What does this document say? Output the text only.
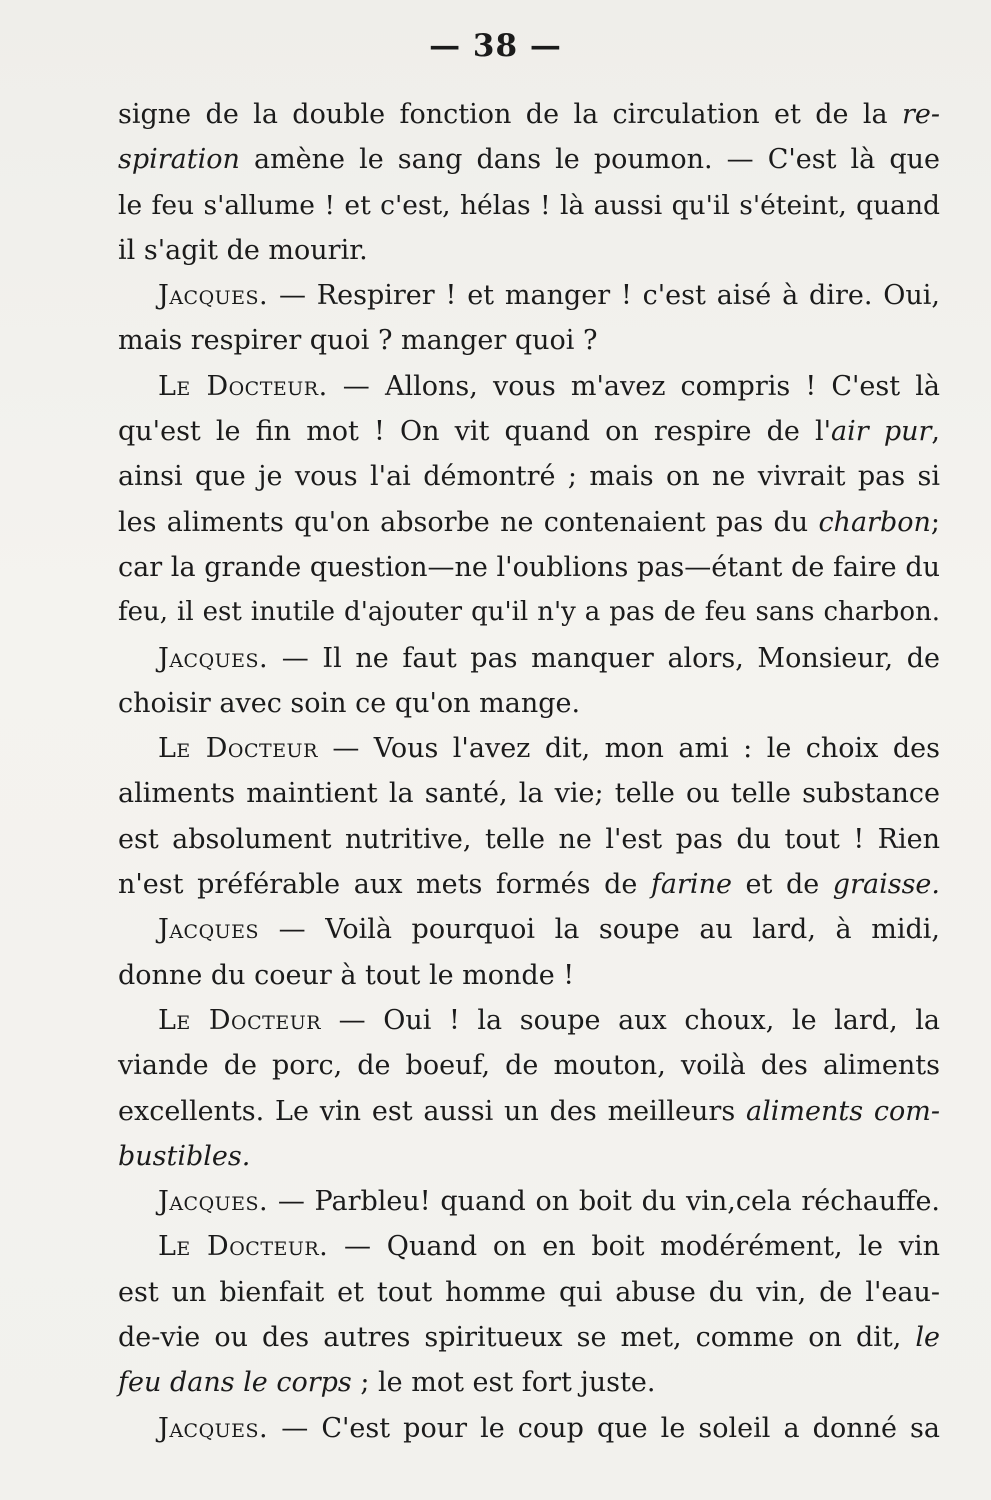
— 38 —
signe de la double fonction de la circulation et de la re-
spiration amène le sang dans le poumon. — C'est là que
le feu s'allume ! et c'est, hélas ! là aussi qu'il s'éteint, quand
il s'agit de mourir.
Jacques. — Respirer ! et manger ! c'est aisé à dire. Oui,
mais respirer quoi ? manger quoi ?
Le Docteur. — Allons, vous m'avez compris ! C'est là
qu'est le fin mot ! On vit quand on respire de l'air pur,
ainsi que je vous l'ai démontré ; mais on ne vivrait pas si
les aliments qu'on absorbe ne contenaient pas du charbon;
car la grande question—ne l'oublions pas—étant de faire du
feu, il est inutile d'ajouter qu'il n'y a pas de feu sans charbon.
Jacques. — Il ne faut pas manquer alors, Monsieur, de
choisir avec soin ce qu'on mange.
Le Docteur — Vous l'avez dit, mon ami : le choix des
aliments maintient la santé, la vie; telle ou telle substance
est absolument nutritive, telle ne l'est pas du tout ! Rien
n'est préférable aux mets formés de farine et de graisse.
Jacques — Voilà pourquoi la soupe au lard, à midi,
donne du coeur à tout le monde !
Le Docteur — Oui ! la soupe aux choux, le lard, la
viande de porc, de boeuf, de mouton, voilà des aliments
excellents. Le vin est aussi un des meilleurs aliments com-
bustibles.
Jacques. — Parbleu! quand on boit du vin,cela réchauffe.
Le Docteur. — Quand on en boit modérément, le vin
est un bienfait et tout homme qui abuse du vin, de l'eau-
de-vie ou des autres spiritueux se met, comme on dit, le
feu dans le corps ; le mot est fort juste.
Jacques. — C'est pour le coup que le soleil a donné sa
